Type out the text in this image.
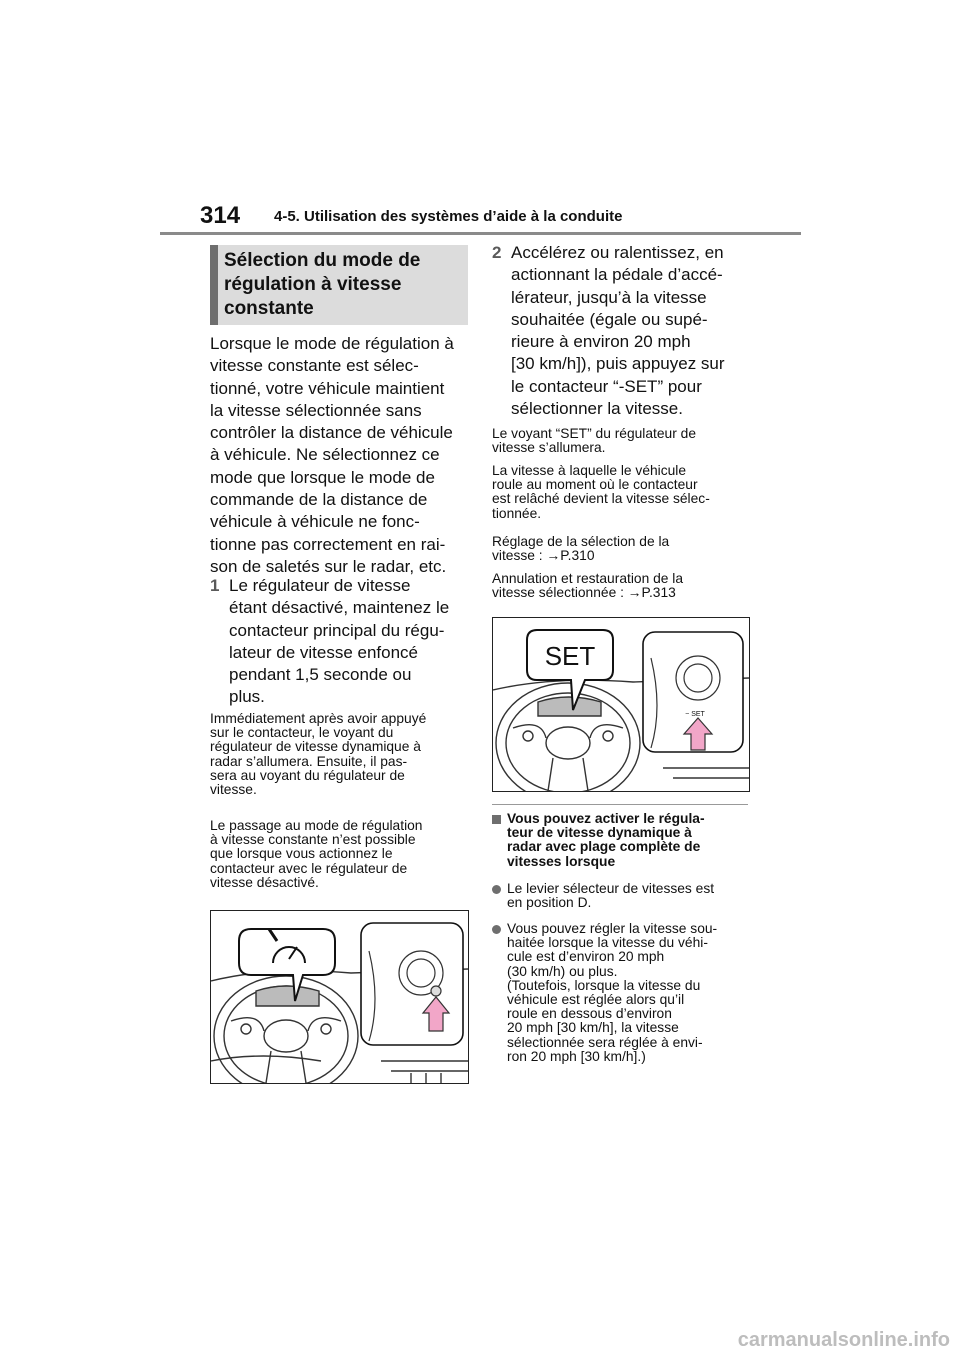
314 4-5. Utilisation des systèmes d’aide à la conduite
Sélection du mode de
régulation à vitesse
constante
Lorsque le mode de régulation à
vitesse constante est sélec-
tionné, votre véhicule maintient
la vitesse sélectionnée sans
contrôler la distance de véhicule
à véhicule. Ne sélectionnez ce
mode que lorsque le mode de
commande de la distance de
véhicule à véhicule ne fonc-
tionne pas correctement en rai-
son de saletés sur le radar, etc.
1 Le régulateur de vitesse
étant désactivé, maintenez le
contacteur principal du régu-
lateur de vitesse enfoncé
pendant 1,5 seconde ou
plus.
Immédiatement après avoir appuyé
sur le contacteur, le voyant du
régulateur de vitesse dynamique à
radar s’allumera. Ensuite, il pas-
sera au voyant du régulateur de
vitesse.
Le passage au mode de régulation
à vitesse constante n’est possible
que lorsque vous actionnez le
contacteur avec le régulateur de
vitesse désactivé.
2 Accélérez ou ralentissez, en
actionnant la pédale d’accé-
lérateur, jusqu’à la vitesse
souhaitée (égale ou supé-
rieure à environ 20 mph
[30 km/h]), puis appuyez sur
le contacteur “-SET” pour
sélectionner la vitesse.
Le voyant “SET” du régulateur de
vitesse s’allumera.
La vitesse à laquelle le véhicule
roule au moment où le contacteur
est relâché devient la vitesse sélec-
tionnée.
Réglage de la sélection de la
vitesse : →P.310
Annulation et restauration de la
vitesse sélectionnée : →P.313
SET
− SET
Vous pouvez activer le régula-
teur de vitesse dynamique à
radar avec plage complète de
vitesses lorsque
Le levier sélecteur de vitesses est
en position D.
Vous pouvez régler la vitesse sou-
haitée lorsque la vitesse du véhi-
cule est d’environ 20 mph
(30 km/h) ou plus.
(Toutefois, lorsque la vitesse du
véhicule est réglée alors qu’il
roule en dessous d’environ
20 mph [30 km/h], la vitesse
sélectionnée sera réglée à envi-
ron 20 mph [30 km/h].)
carmanualsonline.info
